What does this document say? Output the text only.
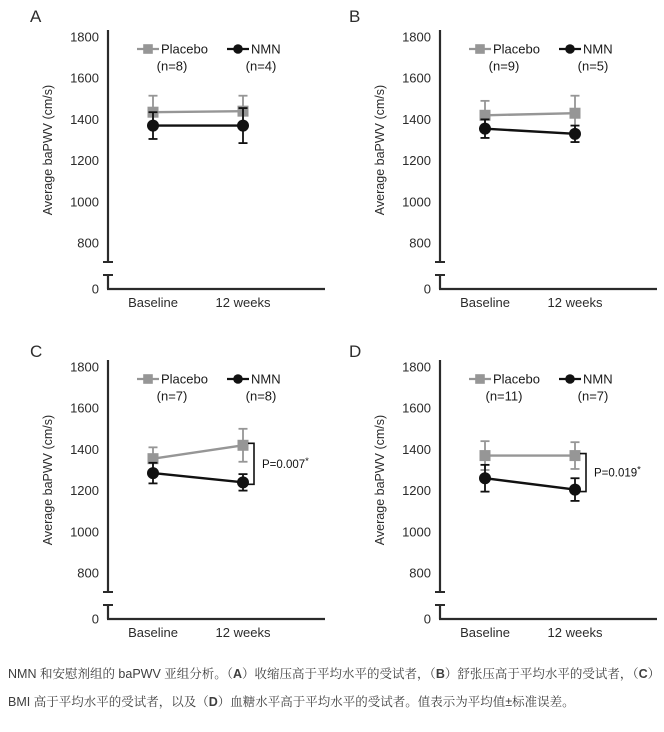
A
1800
1600
1400
1200
1000
800
0
Average baPWV (cm/s)
Baseline	12 weeks
Placebo
(n=8)
NMN
(n=4)
B
1800
1600
1400
1200
1000
800
0
Average baPWV (cm/s)
Baseline	12 weeks
Placebo
(n=9)
NMN
(n=5)
C
1800
1600
1400
1200
1000
800
0
Average baPWV (cm/s)
Baseline	12 weeks
Placebo
(n=7)
NMN
(n=8)
P=0.007*
D
1800
1600
1400
1200
1000
800
0
Average baPWV (cm/s)
Baseline	12 weeks
Placebo
(n=11)
NMN
(n=7)
P=0.019*
NMN 和安慰剂组的 baPWV 亚组分析。（A）收缩压高于平均水平的受试者，（B）舒张压高于平均水平的受试者，（C）BMI 高于平均水平的受试者，以及（D）血糖水平高于平均水平的受试者。值表示为平均值±标准误差。
